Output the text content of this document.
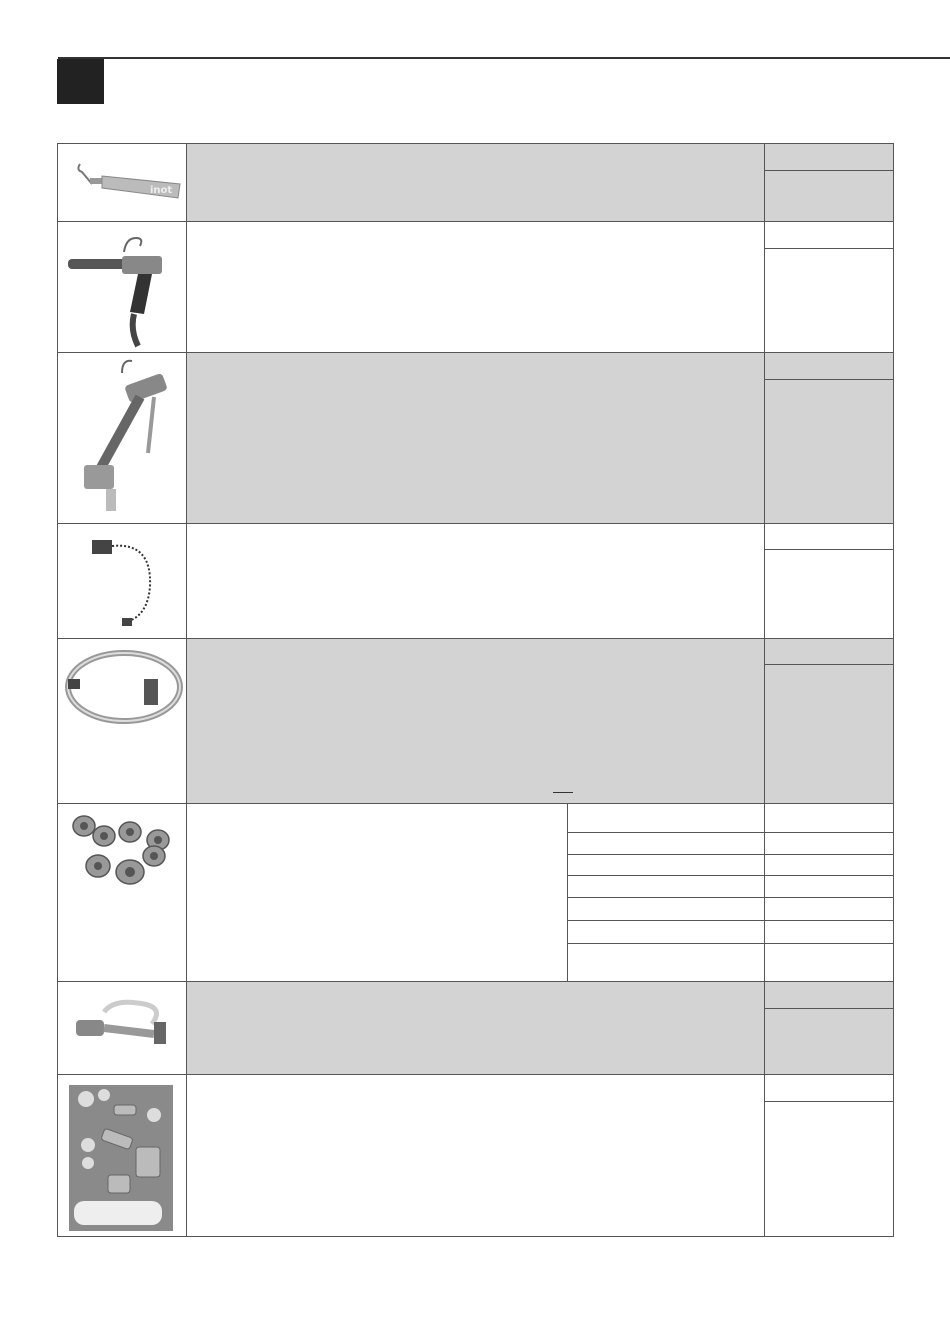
inot
